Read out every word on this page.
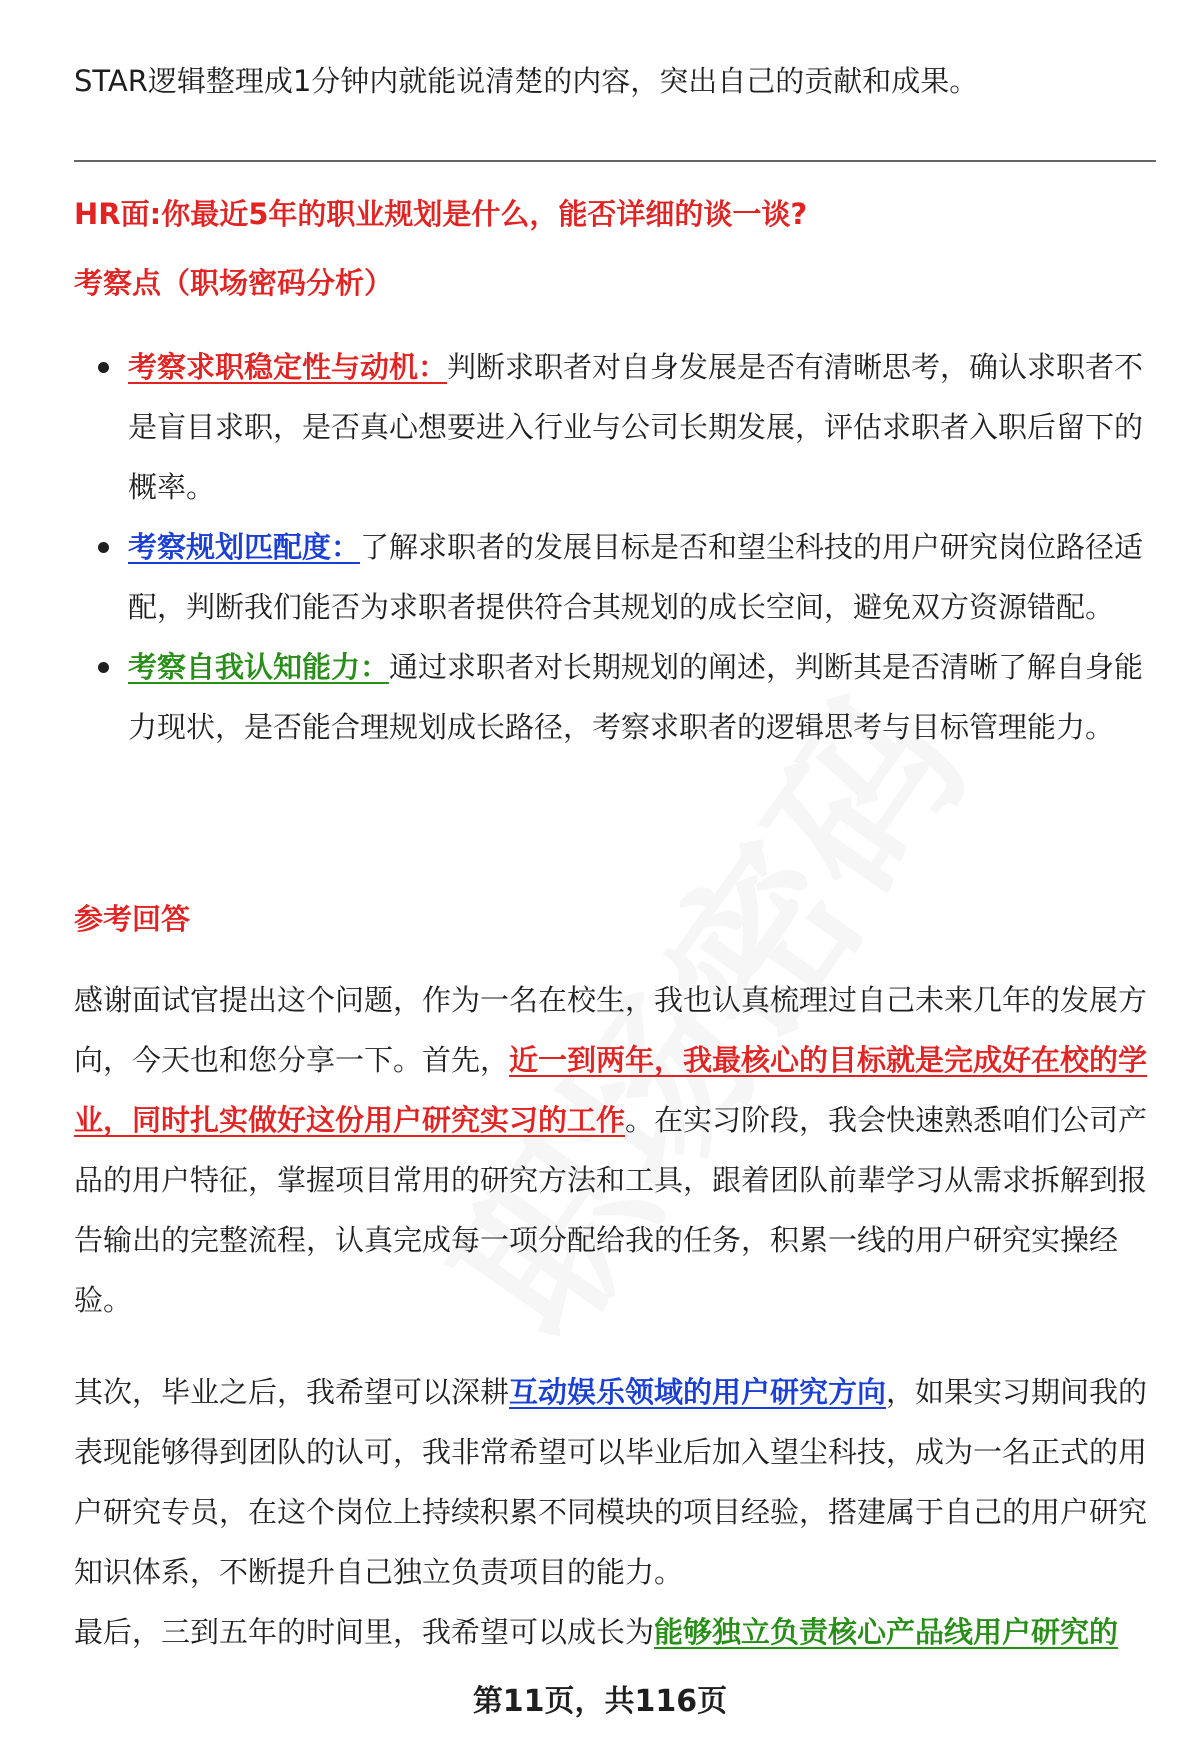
STAR逻辑整理成1分钟内就能说清楚的内容，突出自己的贡献和成果。
HR面:你最近5年的职业规划是什么，能否详细的谈一谈?
考察点（职场密码分析）
考察求职稳定性与动机：判断求职者对自身发展是否有清晰思考，确认求职者不是盲目求职，是否真心想要进入行业与公司长期发展，评估求职者入职后留下的概率。
考察规划匹配度：了解求职者的发展目标是否和望尘科技的用户研究岗位路径适配，判断我们能否为求职者提供符合其规划的成长空间，避免双方资源错配。
考察自我认知能力：通过求职者对长期规划的阐述，判断其是否清晰了解自身能力现状，是否能合理规划成长路径，考察求职者的逻辑思考与目标管理能力。
参考回答
感谢面试官提出这个问题，作为一名在校生，我也认真梳理过自己未来几年的发展方向，今天也和您分享一下。首先，近一到两年，我最核心的目标就是完成好在校的学业，同时扎实做好这份用户研究实习的工作。在实习阶段，我会快速熟悉咱们公司产品的用户特征，掌握项目常用的研究方法和工具，跟着团队前辈学习从需求拆解到报告输出的完整流程，认真完成每一项分配给我的任务，积累一线的用户研究实操经验。
其次，毕业之后，我希望可以深耕互动娱乐领域的用户研究方向，如果实习期间我的表现能够得到团队的认可，我非常希望可以毕业后加入望尘科技，成为一名正式的用户研究专员，在这个岗位上持续积累不同模块的项目经验，搭建属于自己的用户研究知识体系，不断提升自己独立负责项目的能力。
最后，三到五年的时间里，我希望可以成长为能够独立负责核心产品线用户研究的
第11页，共116页
